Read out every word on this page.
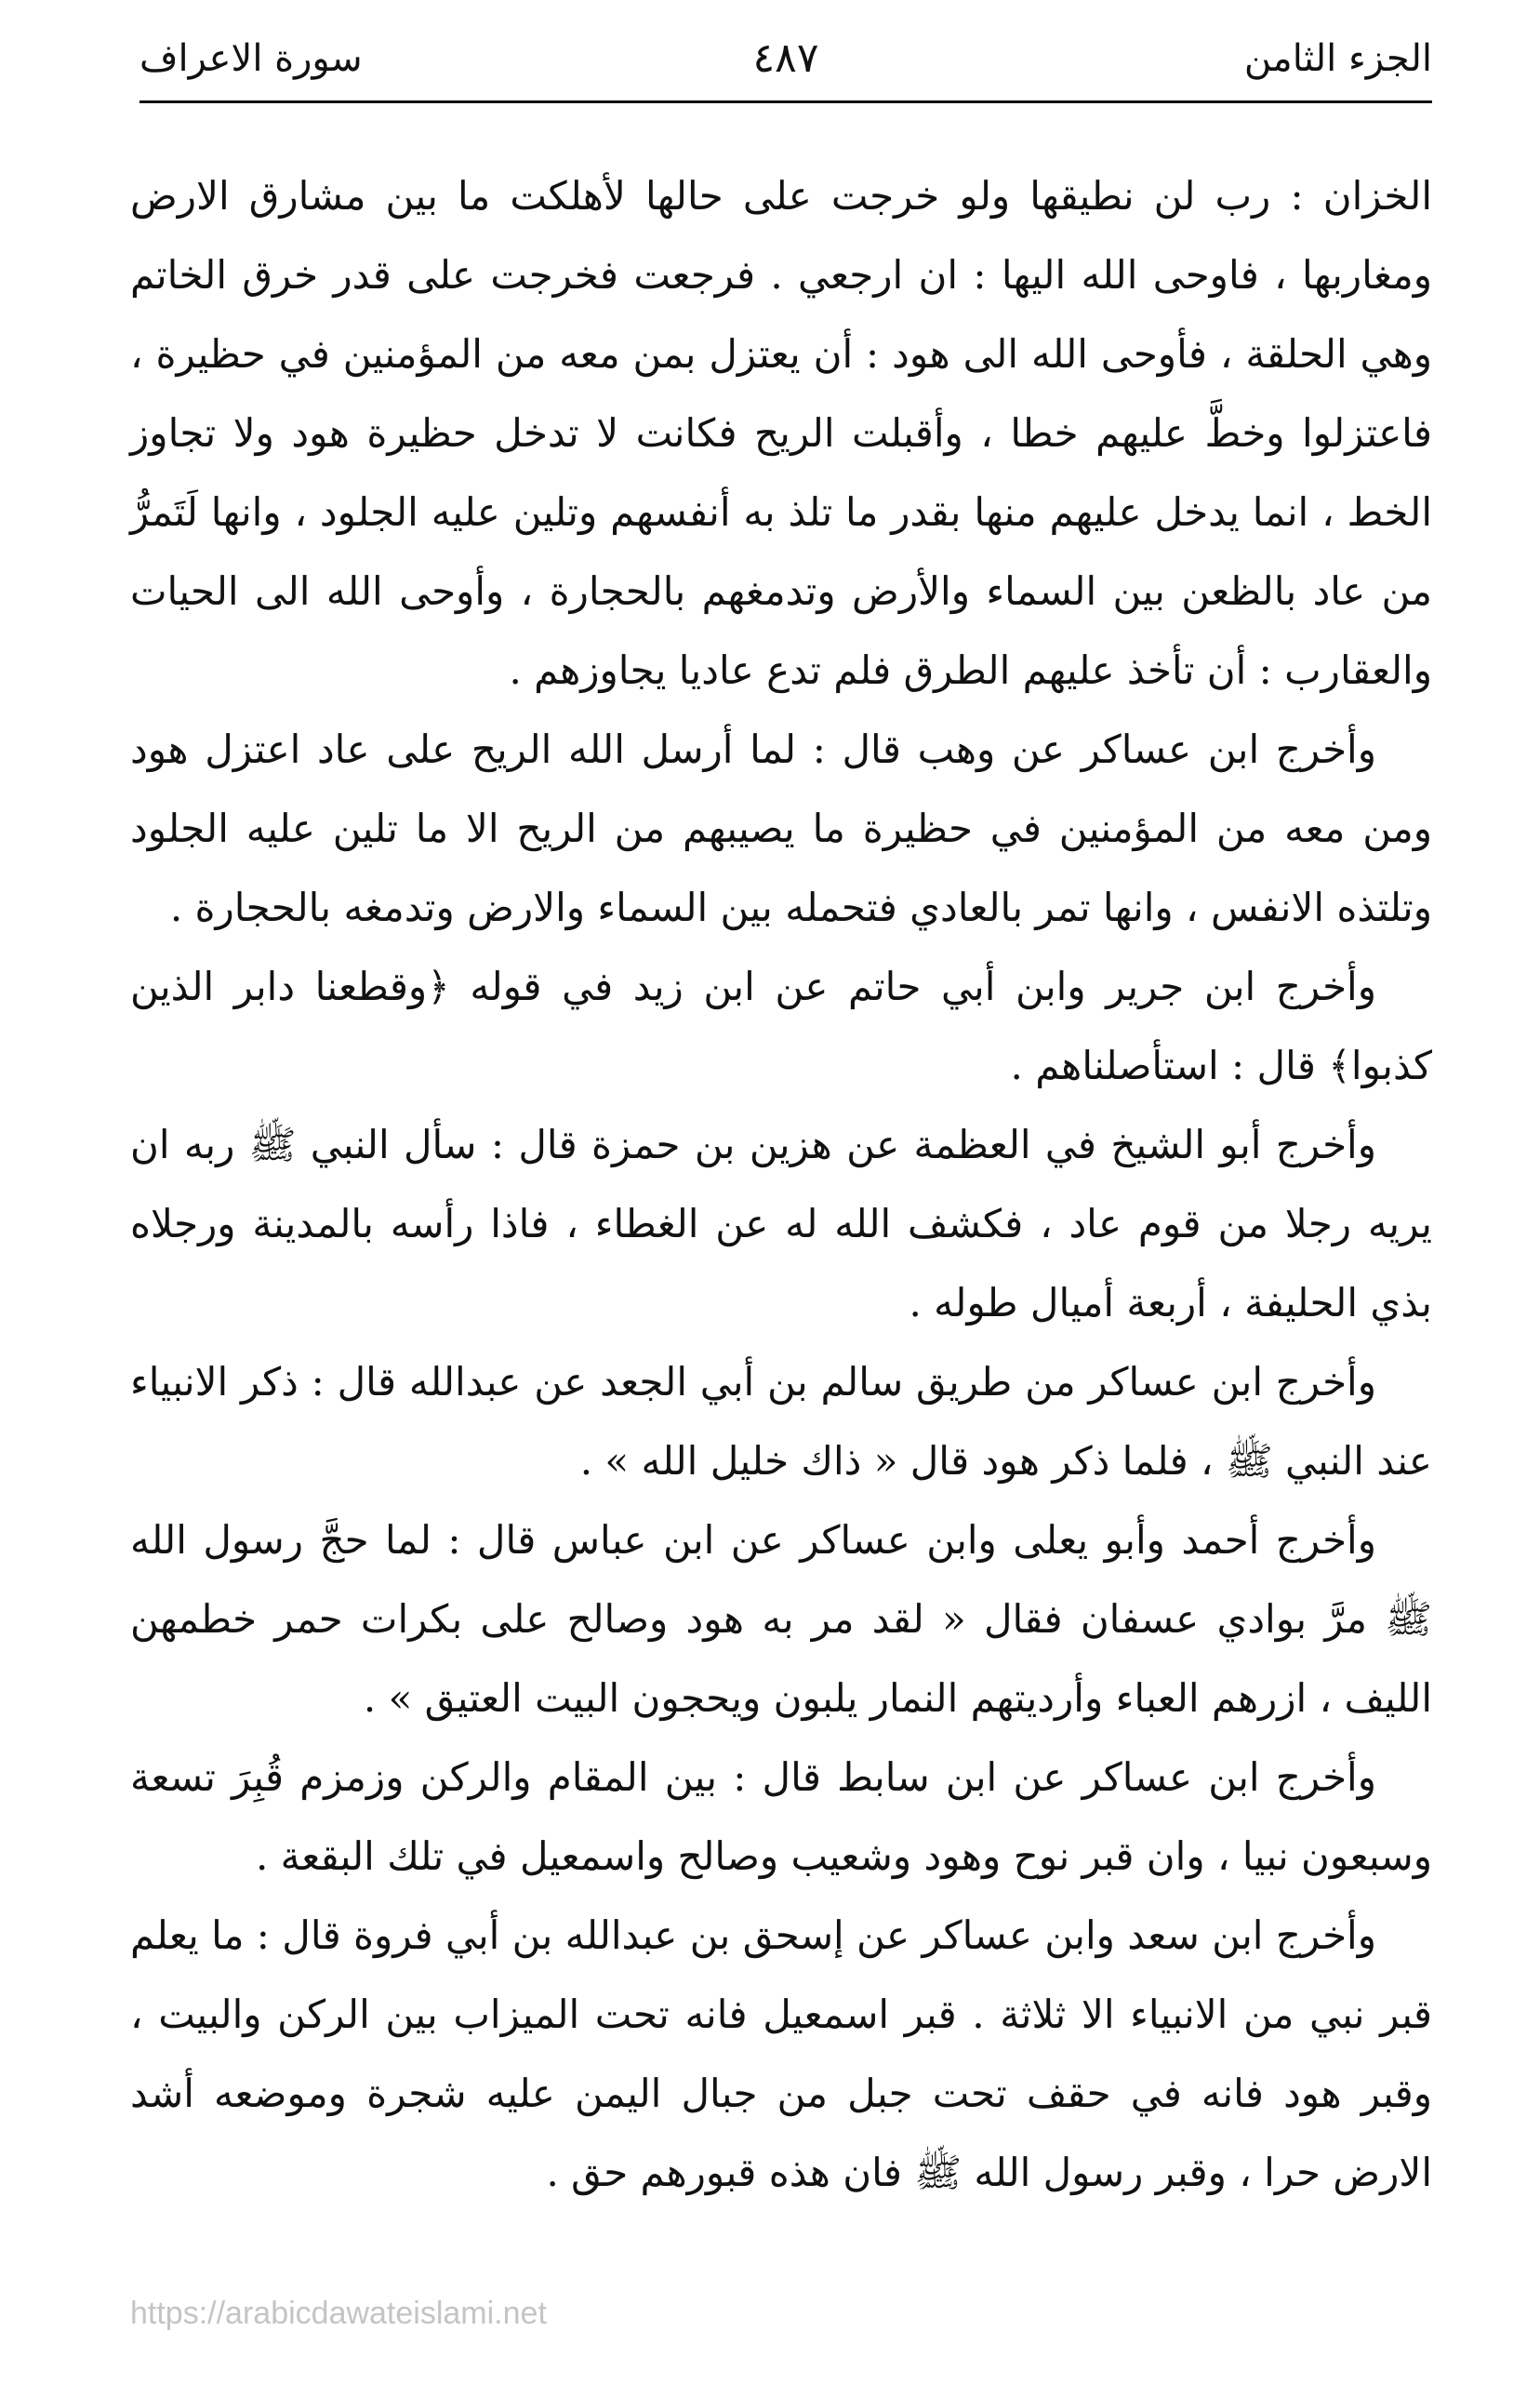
الجزء الثامن
٤٨٧
سورة الاعراف

الخزان : رب لن نطيقها ولو خرجت على حالها لأهلكت ما بين مشارق الارض ومغاربها ، فاوحى الله اليها : ان ارجعي . فرجعت فخرجت على قدر خرق الخاتم وهي الحلقة ، فأوحى الله الى هود : أن يعتزل بمن معه من المؤمنين في حظيرة ، فاعتزلوا وخطَّ عليهم خطا ، وأقبلت الريح فكانت لا تدخل حظيرة هود ولا تجاوز الخط ، انما يدخل عليهم منها بقدر ما تلذ به أنفسهم وتلين عليه الجلود ، وانها لَتَمرُّ من عاد بالظعن بين السماء والأرض وتدمغهم بالحجارة ، وأوحى الله الى الحيات والعقارب : أن تأخذ عليهم الطرق فلم تدع عاديا يجاوزهم .

وأخرج ابن عساكر عن وهب قال : لما أرسل الله الريح على عاد اعتزل هود ومن معه من المؤمنين في حظيرة ما يصيبهم من الريح الا ما تلين عليه الجلود وتلتذه الانفس ، وانها تمر بالعادي فتحمله بين السماء والارض وتدمغه بالحجارة .

وأخرج ابن جرير وابن أبي حاتم عن ابن زيد في قوله ﴿وقطعنا دابر الذين كذبوا﴾ قال : استأصلناهم .

وأخرج أبو الشيخ في العظمة عن هزين بن حمزة قال : سأل النبي ﷺ ربه ان يريه رجلا من قوم عاد ، فكشف الله له عن الغطاء ، فاذا رأسه بالمدينة ورجلاه بذي الحليفة ، أربعة أميال طوله .

وأخرج ابن عساكر من طريق سالم بن أبي الجعد عن عبدالله قال : ذكر الانبياء عند النبي ﷺ ، فلما ذكر هود قال « ذاك خليل الله » .

وأخرج أحمد وأبو يعلى وابن عساكر عن ابن عباس قال : لما حجَّ رسول الله ﷺ مرَّ بوادي عسفان فقال « لقد مر به هود وصالح على بكرات حمر خطمهن الليف ، ازرهم العباء وأرديتهم النمار يلبون ويحجون البيت العتيق » .

وأخرج ابن عساكر عن ابن سابط قال : بين المقام والركن وزمزم قُبِرَ تسعة وسبعون نبيا ، وان قبر نوح وهود وشعيب وصالح واسمعيل في تلك البقعة .

وأخرج ابن سعد وابن عساكر عن إسحق بن عبدالله بن أبي فروة قال : ما يعلم قبر نبي من الانبياء الا ثلاثة . قبر اسمعيل فانه تحت الميزاب بين الركن والبيت ، وقبر هود فانه في حقف تحت جبل من جبال اليمن عليه شجرة وموضعه أشد الارض حرا ، وقبر رسول الله ﷺ فان هذه قبورهم حق .

https://arabicdawateislami.net
